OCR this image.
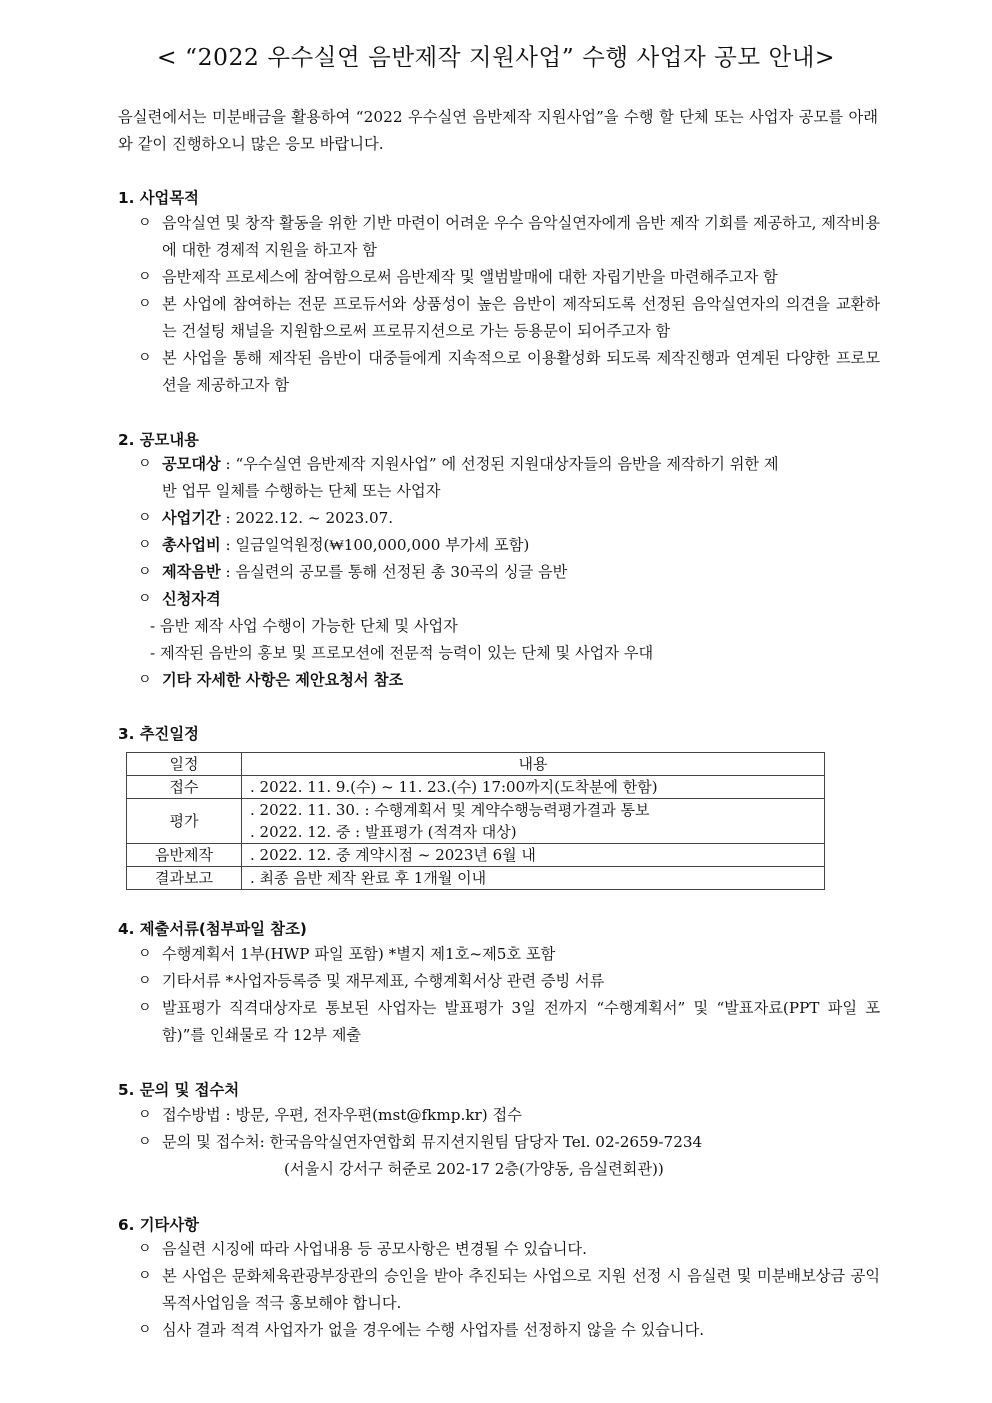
< “2022 우수실연 음반제작 지원사업” 수행 사업자 공모 안내>
음실련에서는 미분배금을 활용하여 “2022 우수실연 음반제작 지원사업”을 수행 할 단체 또는 사업자 공모를 아래와 같이 진행하오니 많은 응모 바랍니다.
1. 사업목적
ㅇ 음악실연 및 창작 활동을 위한 기반 마련이 어려운 우수 음악실연자에게 음반 제작 기회를 제공하고, 제작비용에 대한 경제적 지원을 하고자 함
ㅇ 음반제작 프로세스에 참여함으로써 음반제작 및 앨범발매에 대한 자립기반을 마련해주고자 함
ㅇ 본 사업에 참여하는 전문 프로듀서와 상품성이 높은 음반이 제작되도록 선정된 음악실연자의 의견을 교환하는 건설팅 채널을 지원함으로써 프로뮤지션으로 가는 등용문이 되어주고자 함
ㅇ 본 사업을 통해 제작된 음반이 대중들에게 지속적으로 이용활성화 되도록 제작진행과 연계된 다양한 프로모션을 제공하고자 함
2. 공모내용
ㅇ 공모대상 : “우수실연 음반제작 지원사업” 에 선정된 지원대상자들의 음반을 제작하기 위한 제
반 업무 일체를 수행하는 단체 또는 사업자
ㅇ 사업기간 : 2022.12. ~ 2023.07.
ㅇ 총사업비 : 일금일억원정(₩100,000,000 부가세 포함)
ㅇ 제작음반 : 음실련의 공모를 통해 선정된 총 30곡의 싱글 음반
ㅇ 신청자격
- 음반 제작 사업 수행이 가능한 단체 및 사업자
- 제작된 음반의 홍보 및 프로모션에 전문적 능력이 있는 단체 및 사업자 우대
ㅇ 기타 자세한 사항은 제안요청서 참조
3. 추진일정
일정	내용
접수	. 2022. 11. 9.(수) ~ 11. 23.(수) 17:00까지(도착분에 한함)
평가	. 2022. 11. 30. : 수행계획서 및 계약수행능력평가결과 통보
. 2022. 12. 중 : 발표평가 (적격자 대상)

음반제작	. 2022. 12. 중 계약시점 ~ 2023년 6월 내
결과보고	. 최종 음반 제작 완료 후 1개월 이내
4. 제출서류(첨부파일 참조)
ㅇ 수행계획서 1부(HWP 파일 포함) *별지 제1호~제5호 포함
ㅇ 기타서류 *사업자등록증 및 재무제표, 수행계획서상 관련 증빙 서류
ㅇ 발표평가 직격대상자로 통보된 사업자는 발표평가 3일 전까지 “수행계획서” 및 “발표자료(PPT 파일 포함)”를 인쇄물로 각 12부 제출
5. 문의 및 접수처
ㅇ 접수방법 : 방문, 우편, 전자우편(mst@fkmp.kr) 접수
ㅇ 문의 및 접수처: 한국음악실연자연합회 뮤지션지원팀 담당자 Tel. 02-2659-7234
(서울시 강서구 허준로 202-17 2층(가양동, 음실련회관))
6. 기타사항
ㅇ 음실련 시징에 따라 사업내용 등 공모사항은 변경될 수 있습니다.
ㅇ 본 사업은 문화체육관광부장관의 승인을 받아 추진되는 사업으로 지원 선정 시 음실련 및 미분배보상금 공익목적사업임을 적극 홍보해야 합니다.
ㅇ 심사 결과 적격 사업자가 없을 경우에는 수행 사업자를 선정하지 않을 수 있습니다.
